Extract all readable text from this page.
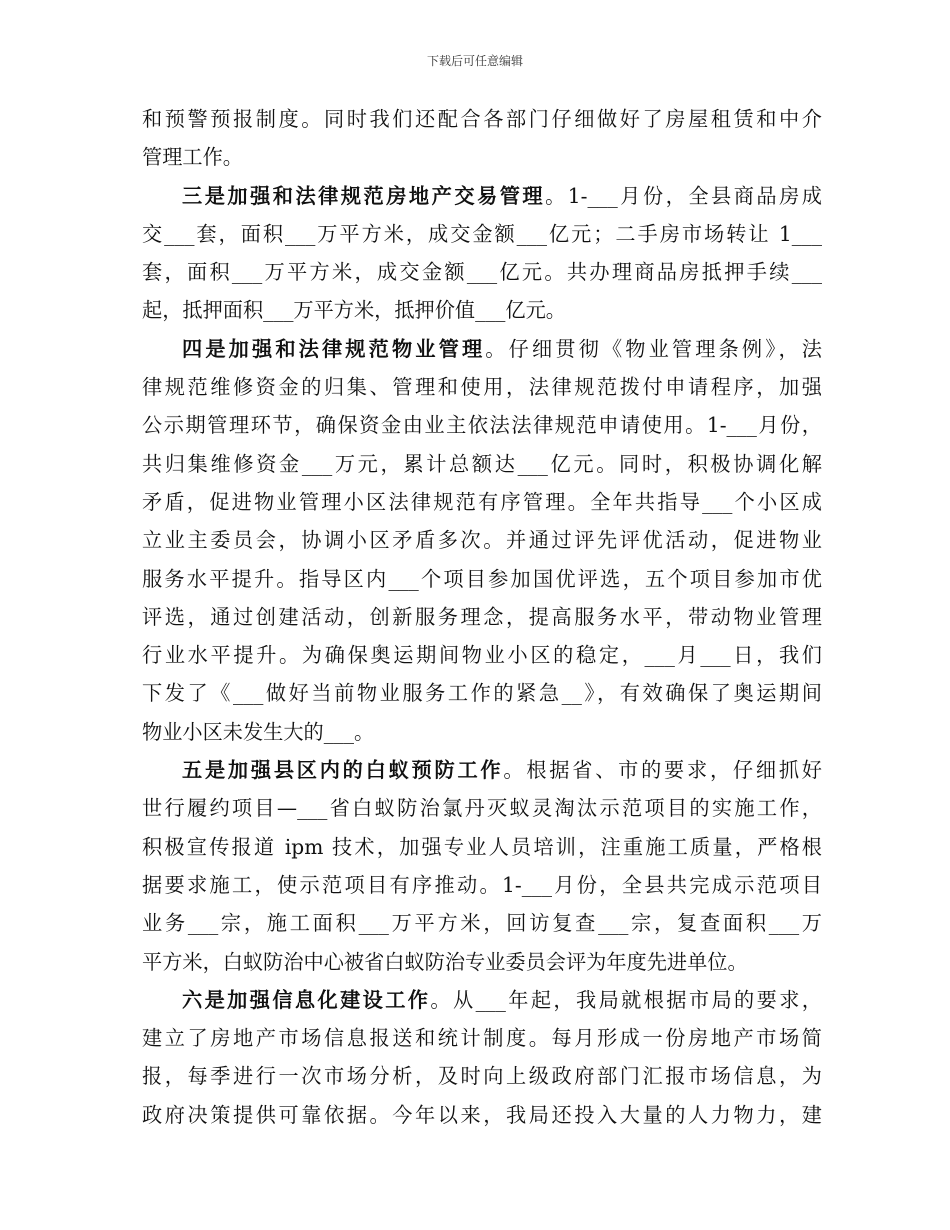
下载后可任意编辑
和预警预报制度。同时我们还配合各部门仔细做好了房屋租赁和中介
管理工作。
三是加强和法律规范房地产交易管理。1-___月份，全县商品房成
交___套，面积___万平方米，成交金额___亿元；二手房市场转让 1___
套，面积___万平方米，成交金额___亿元。共办理商品房抵押手续___
起，抵押面积___万平方米，抵押价值___亿元。
四是加强和法律规范物业管理。仔细贯彻《物业管理条例》，法
律规范维修资金的归集、管理和使用，法律规范拨付申请程序，加强
公示期管理环节，确保资金由业主依法法律规范申请使用。1-___月份，
共归集维修资金___万元，累计总额达___亿元。同时，积极协调化解
矛盾，促进物业管理小区法律规范有序管理。全年共指导___个小区成
立业主委员会，协调小区矛盾多次。并通过评先评优活动，促进物业
服务水平提升。指导区内___个项目参加国优评选，五个项目参加市优
评选，通过创建活动，创新服务理念，提高服务水平，带动物业管理
行业水平提升。为确保奥运期间物业小区的稳定，___月___日，我们
下发了《___做好当前物业服务工作的紧急__》，有效确保了奥运期间
物业小区未发生大的___。
五是加强县区内的白蚁预防工作。根据省、市的要求，仔细抓好
世行履约项目—___省白蚁防治氯丹灭蚁灵淘汰示范项目的实施工作，
积极宣传报道 ipm 技术，加强专业人员培训，注重施工质量，严格根
据要求施工，使示范项目有序推动。1-___月份，全县共完成示范项目
业务___宗，施工面积___万平方米，回访复查___宗，复查面积___万
平方米，白蚁防治中心被省白蚁防治专业委员会评为年度先进单位。
六是加强信息化建设工作。从___年起，我局就根据市局的要求，
建立了房地产市场信息报送和统计制度。每月形成一份房地产市场简
报，每季进行一次市场分析，及时向上级政府部门汇报市场信息，为
政府决策提供可靠依据。今年以来，我局还投入大量的人力物力，建
